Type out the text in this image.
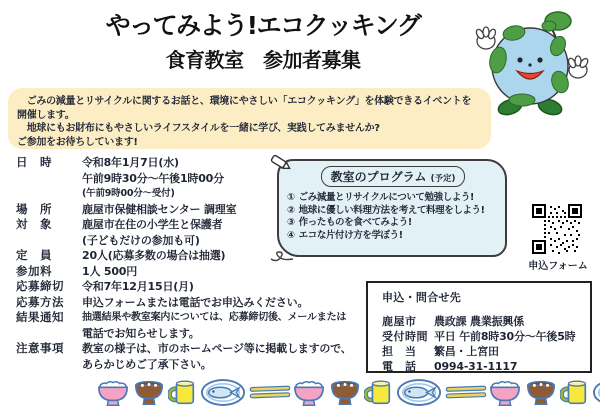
やってみよう!エコクッキング
食育教室　参加者募集
　ごみの減量とリサイクルに関するお話と、環境にやさしい「エコクッキング」を体験できるイベントを
開催します。
　地球にもお財布にもやさしいライフスタイルを一緒に学び、実践してみませんか?
ご参加をお待ちしています!
日　時	令和8年1月7日(水)
午前9時30分〜午後1時00分
(午前9時00分〜受付)
場　所	鹿屋市保健相談センター 調理室
対　象	鹿屋市在住の小学生と保護者
(子どもだけの参加も可)
定　員	20人(応募多数の場合は抽選)
参加料	1人 500円
応募締切	令和7年12月15日(月)
応募方法	申込フォームまたは電話でお申込みください。
結果通知	抽選結果や教室案内については、応募締切後、メールまたは
電話でお知らせします。
注意事項	教室の様子は、市のホームページ等に掲載しますので、
あらかじめご了承下さい。
教室のプログラム (予定)
① ごみ減量とリサイクルについて勉強しよう!
② 地球に優しい料理方法を考えて料理をしよう!
③ 作ったものを食べてみよう!
④ エコな片付け方を学ぼう!
申込フォーム
申込・問合せ先
鹿屋市	農政課 農業振興係
受付時間 平日 午前8時30分〜午後5時
担　当	繁昌・上宮田
電　話	0994-31-1117
